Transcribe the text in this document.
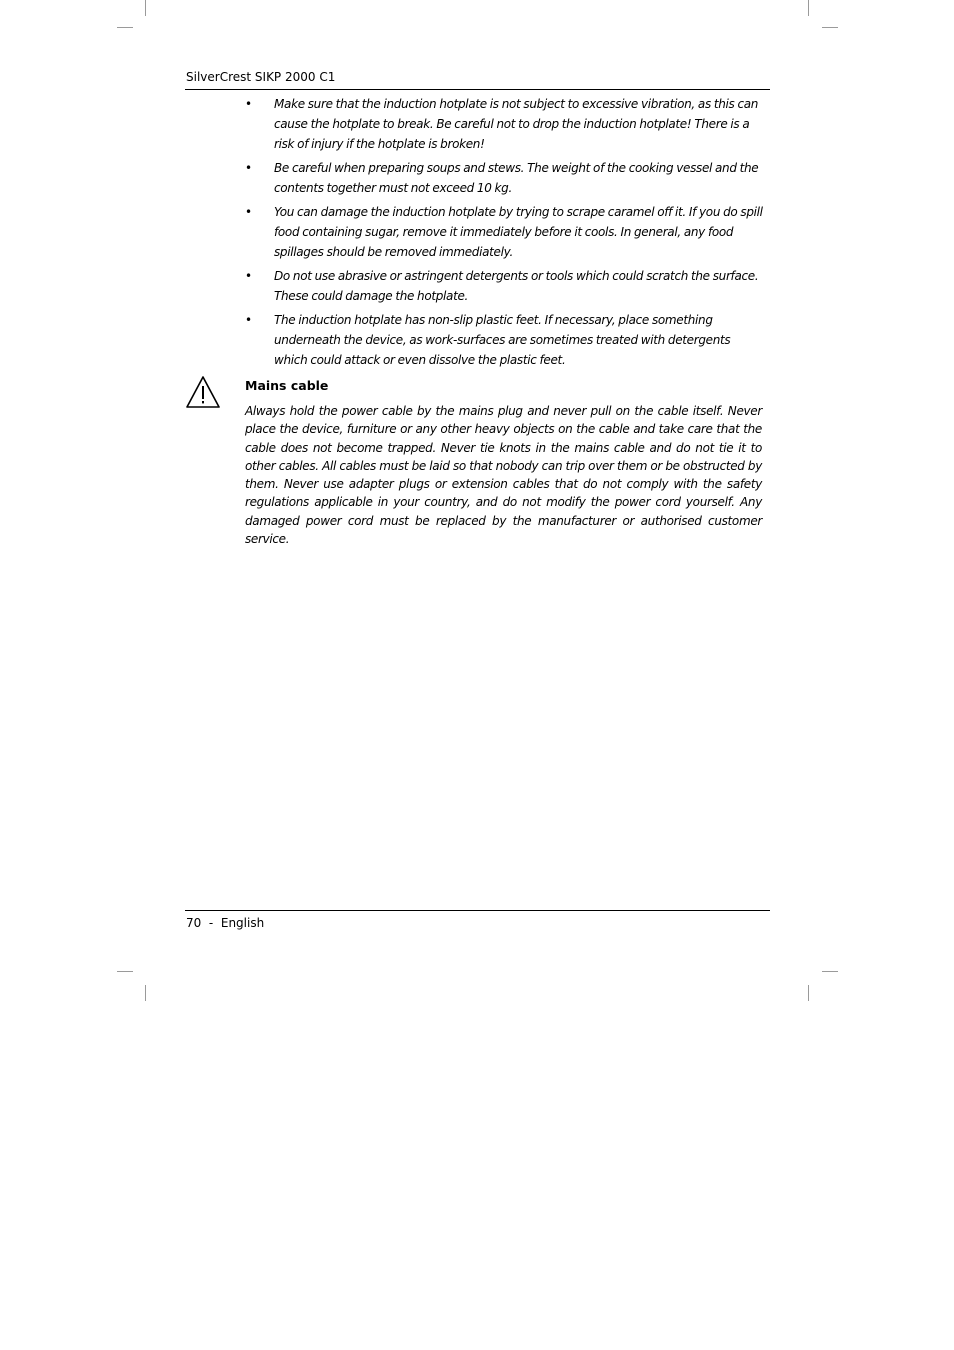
SilverCrest SIKP 2000 C1
• Make sure that the induction hotplate is not subject to excessive vibration, as this can cause the hotplate to break. Be careful not to drop the induction hotplate! There is a risk of injury if the hotplate is broken!
• Be careful when preparing soups and stews. The weight of the cooking vessel and the contents together must not exceed 10 kg.
• You can damage the induction hotplate by trying to scrape caramel off it. If you do spill food containing sugar, remove it immediately before it cools. In general, any food spillages should be removed immediately.
• Do not use abrasive or astringent detergents or tools which could scratch the surface. These could damage the hotplate.
• The induction hotplate has non-slip plastic feet. If necessary, place something underneath the device, as work-surfaces are sometimes treated with detergents which could attack or even dissolve the plastic feet.
Mains cable

Always hold the power cable by the mains plug and never pull on the cable itself. Never place the device, furniture or any other heavy objects on the cable and take care that the cable does not become trapped. Never tie knots in the mains cable and do not tie it to other cables. All cables must be laid so that nobody can trip over them or be obstructed by them. Never use adapter plugs or extension cables that do not comply with the safety regulations applicable in your country, and do not modify the power cord yourself. Any damaged power cord must be replaced by the manufacturer or authorised customer service.

70  -  English
